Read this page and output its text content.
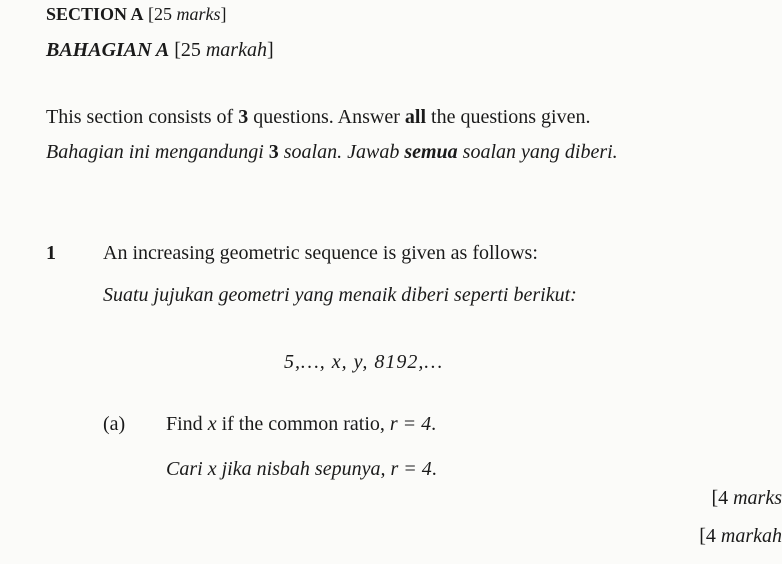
SECTION A [25 marks]
BAHAGIAN A [25 markah]
This section consists of 3 questions. Answer all the questions given.
Bahagian ini mengandungi 3 soalan. Jawab semua soalan yang diberi.
1 An increasing geometric sequence is given as follows:
Suatu jujukan geometri yang menaik diberi seperti berikut:
5,…, x, y, 8192,…
(a) Find x if the common ratio, r = 4.
Cari x jika nisbah sepunya, r = 4.
[4 marks
[4 markah
